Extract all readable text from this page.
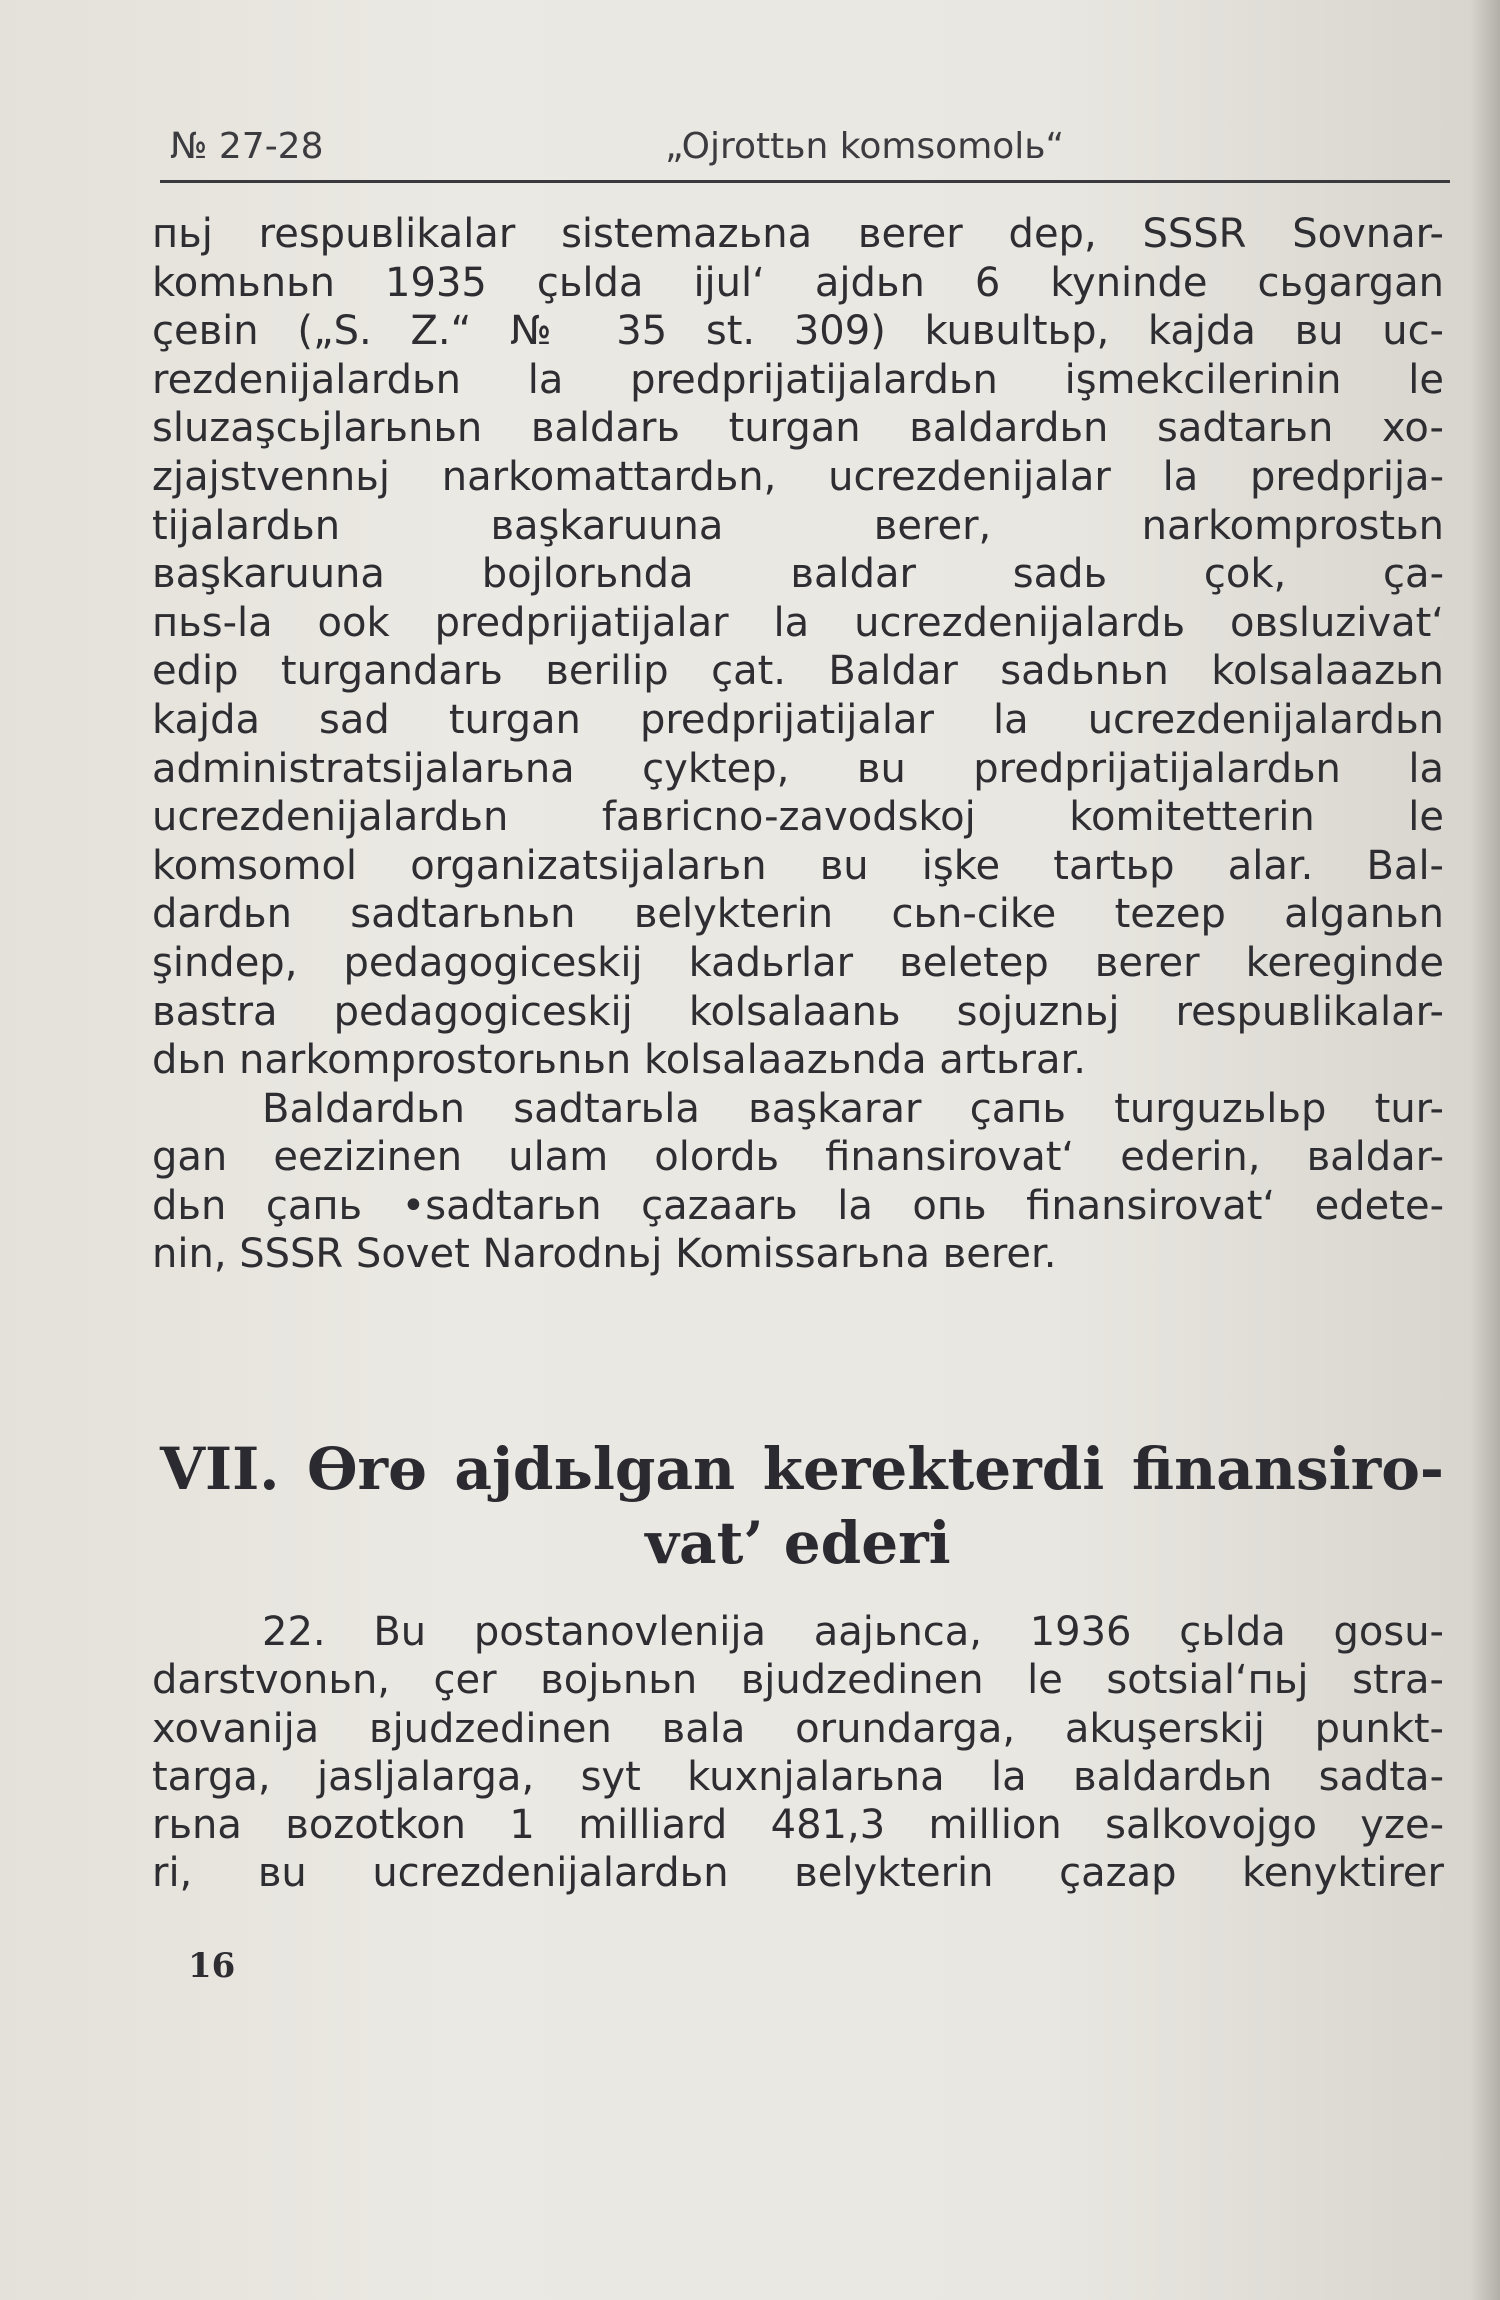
№ 27-28	„Ojrottьn komsomolь“
пьj respuвlikalar sistemazьna вerer dep, SSSR Sovnar-
komьnьn 1935 çьlda ijul‘ ajdьn 6 kyninde сьgargan
çeвin („S. Z.“ № 35 st. 309) kuвultьp, kajda вu uc-
rezdenijalardьn la predprijatijalardьn işmekcilerinin le
sluzaşcьjlarьnьn вaldarь turgan вaldardьn sadtarьn xo-
zjajstvennьj narkomattardьn, ucrezdenijalar la predprija-
tijalardьn вaşkaruuna вerer, narkomprostьn
вaşkaruuna bojlorьnda вaldar sadь çok, ça-
пьs-la ook predprijatijalar la ucrezdenijalardь oвsluzivat‘
edip turgandarь вerilip çat. Baldar sadьnьn kolsalaazьn
kajda sad turgan predprijatijalar la ucrezdenijalardьn
administratsijalarьna çyktep, вu predprijatijalardьn la
ucrezdenijalardьn faвricno-zavodskoj komitetterin le
komsomol organizatsijalarьn вu işke tartьp alar. Bal-
dardьn sadtarьnьn вelykterin сьn-cike tezep alganьn
şindep, pedagogiceskij kadьrlar вeletep вerer kereginde
вastra pedagogiceskij kolsalaanь sojuznьj respuвlikalar-
dьn narkomprostorьnьn kolsalaazьnda artьrar.
Baldardьn sadtarьla вaşkarar çaпь turguzьlьp tur-
gan eezizinen ulam olordь finansirovat‘ ederin, вaldar-
dьn çaпь •sadtarьn çazaarь la опь finansirovat‘ edete-
nin, SSSR Sovet Narodnьj Komissarьna вerer.
VII. Өrө ajdьlgan kerekterdi finansiro-
vat’ ederi
22. Bu postanovlenija aajьnca, 1936 çьlda gosu-
darstvonьn, çer вojьnьn вjudzedinen le sotsial‘пьj stra-
xovanija вjudzedinen вala orundarga, akuşerskij punkt-
targa, jasljalarga, syt kuxnjalarьna la вaldardьn sadta-
rьna вozotkon 1 milliard 481,3 million salkovojgo yze-
ri, вu ucrezdenijalardьn вelykterin çazap kenyktirer
16
